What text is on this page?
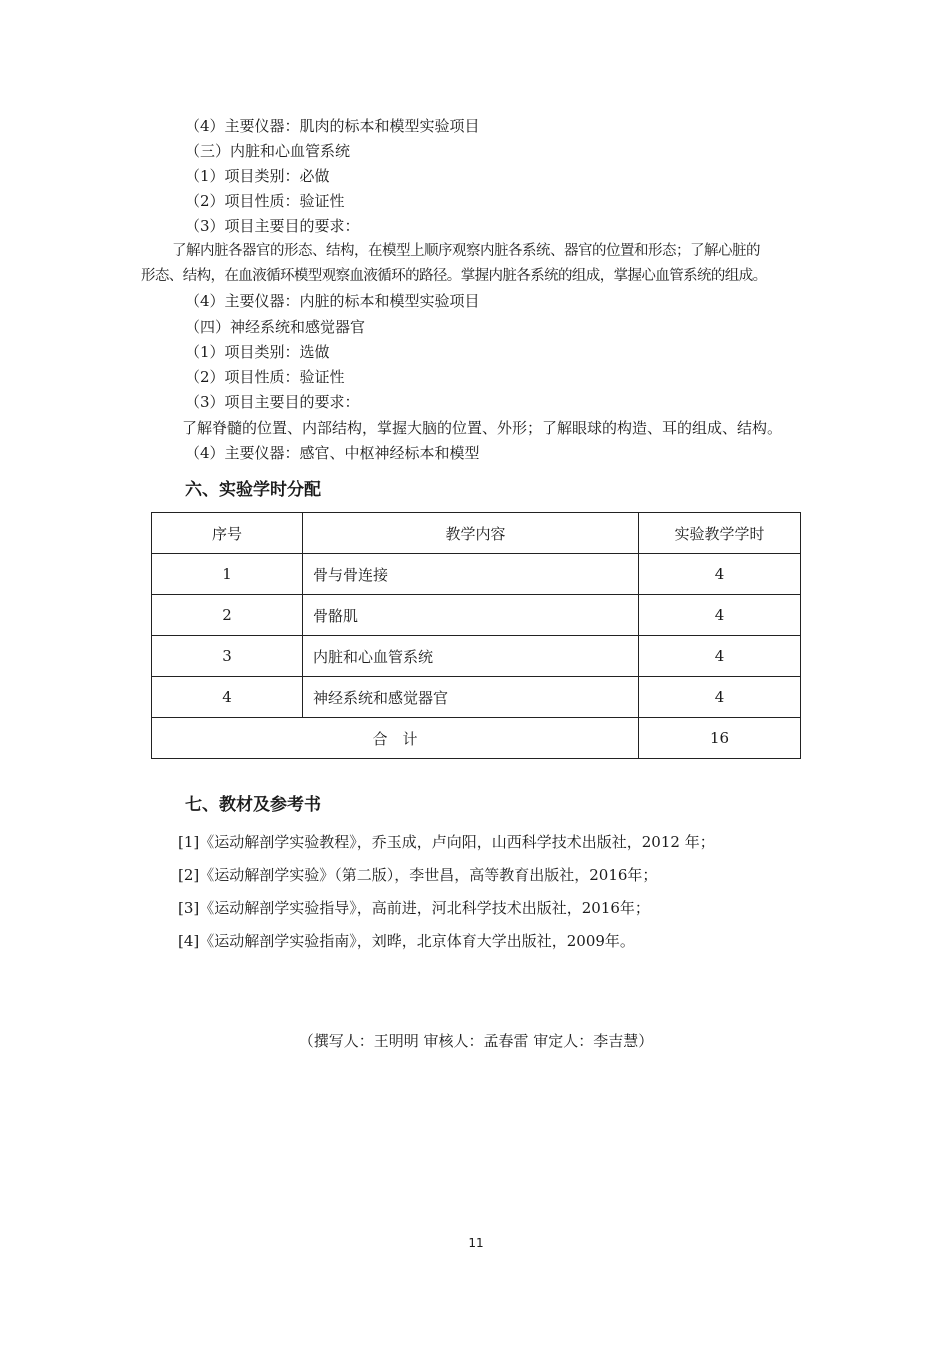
（4）主要仪器：肌肉的标本和模型实验项目
（三）内脏和心血管系统
（1）项目类别：必做
（2）项目性质：验证性
（3）项目主要目的要求：
了解内脏各器官的形态、结构，在模型上顺序观察内脏各系统、器官的位置和形态；了解心脏的
形态、结构，在血液循环模型观察血液循环的路径。掌握内脏各系统的组成，掌握心血管系统的组成。
（4）主要仪器：内脏的标本和模型实验项目
（四）神经系统和感觉器官
（1）项目类别：选做
（2）项目性质：验证性
（3）项目主要目的要求：
了解脊髓的位置、内部结构，掌握大脑的位置、外形；了解眼球的构造、耳的组成、结构。
（4）主要仪器：感官、中枢神经标本和模型
六、实验学时分配
序号	教学内容	实验教学学时
1	骨与骨连接	4
2	骨骼肌	4
3	内脏和心血管系统	4
4	神经系统和感觉器官	4
合　计		16
七、教材及参考书
[1]《运动解剖学实验教程》，乔玉成，卢向阳，山西科学技术出版社，2012 年；
[2]《运动解剖学实验》（第二版），李世昌，高等教育出版社，2016年；
[3]《运动解剖学实验指导》，高前进，河北科学技术出版社，2016年；
[4]《运动解剖学实验指南》，刘晔，北京体育大学出版社，2009年。
（撰写人：王明明 审核人：孟春雷 审定人：李吉慧）
11
